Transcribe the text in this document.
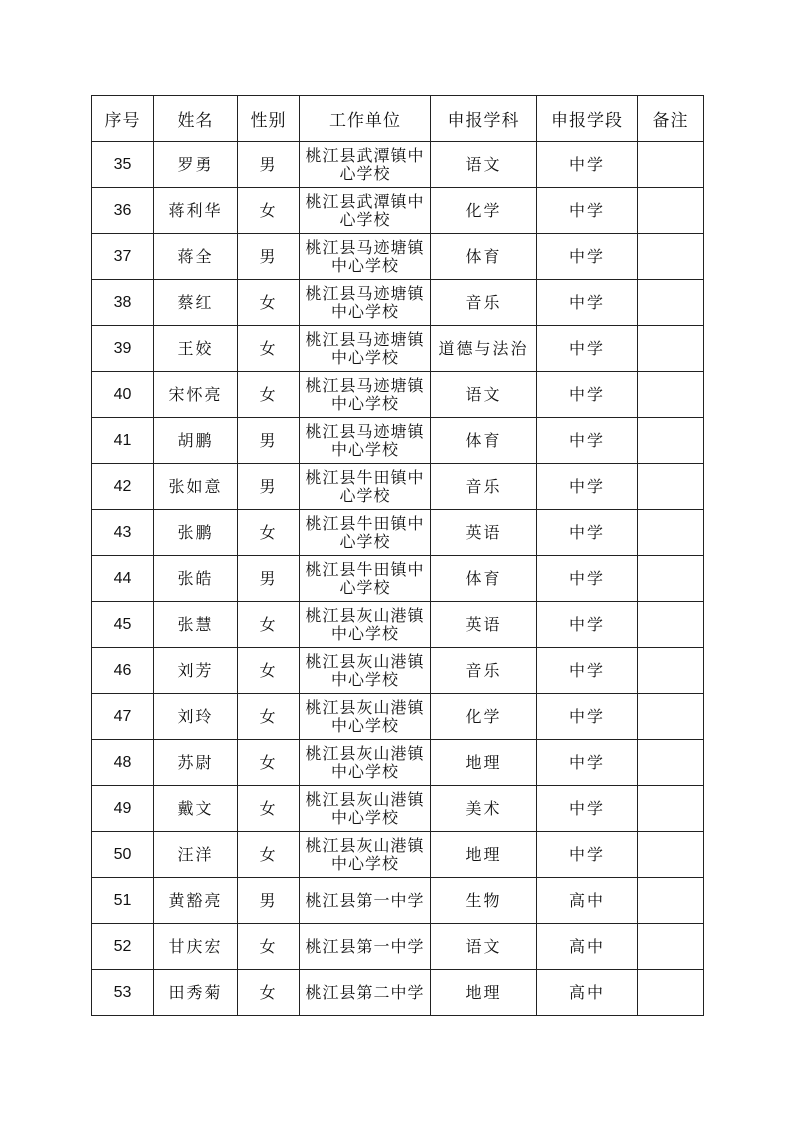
序号	姓名	性别	工作单位	申报学科	申报学段	备注
35	罗勇	男	桃江县武潭镇中心学校	语文	中学	
36	蒋利华	女	桃江县武潭镇中心学校	化学	中学	
37	蒋全	男	桃江县马迹塘镇中心学校	体育	中学	
38	蔡红	女	桃江县马迹塘镇中心学校	音乐	中学	
39	王姣	女	桃江县马迹塘镇中心学校	道德与法治	中学	
40	宋怀亮	女	桃江县马迹塘镇中心学校	语文	中学	
41	胡鹏	男	桃江县马迹塘镇中心学校	体育	中学	
42	张如意	男	桃江县牛田镇中心学校	音乐	中学	
43	张鹏	女	桃江县牛田镇中心学校	英语	中学	
44	张皓	男	桃江县牛田镇中心学校	体育	中学	
45	张慧	女	桃江县灰山港镇中心学校	英语	中学	
46	刘芳	女	桃江县灰山港镇中心学校	音乐	中学	
47	刘玲	女	桃江县灰山港镇中心学校	化学	中学	
48	苏尉	女	桃江县灰山港镇中心学校	地理	中学	
49	戴文	女	桃江县灰山港镇中心学校	美术	中学	
50	汪洋	女	桃江县灰山港镇中心学校	地理	中学	
51	黄豁亮	男	桃江县第一中学	生物	高中	
52	甘庆宏	女	桃江县第一中学	语文	高中	
53	田秀菊	女	桃江县第二中学	地理	高中	
